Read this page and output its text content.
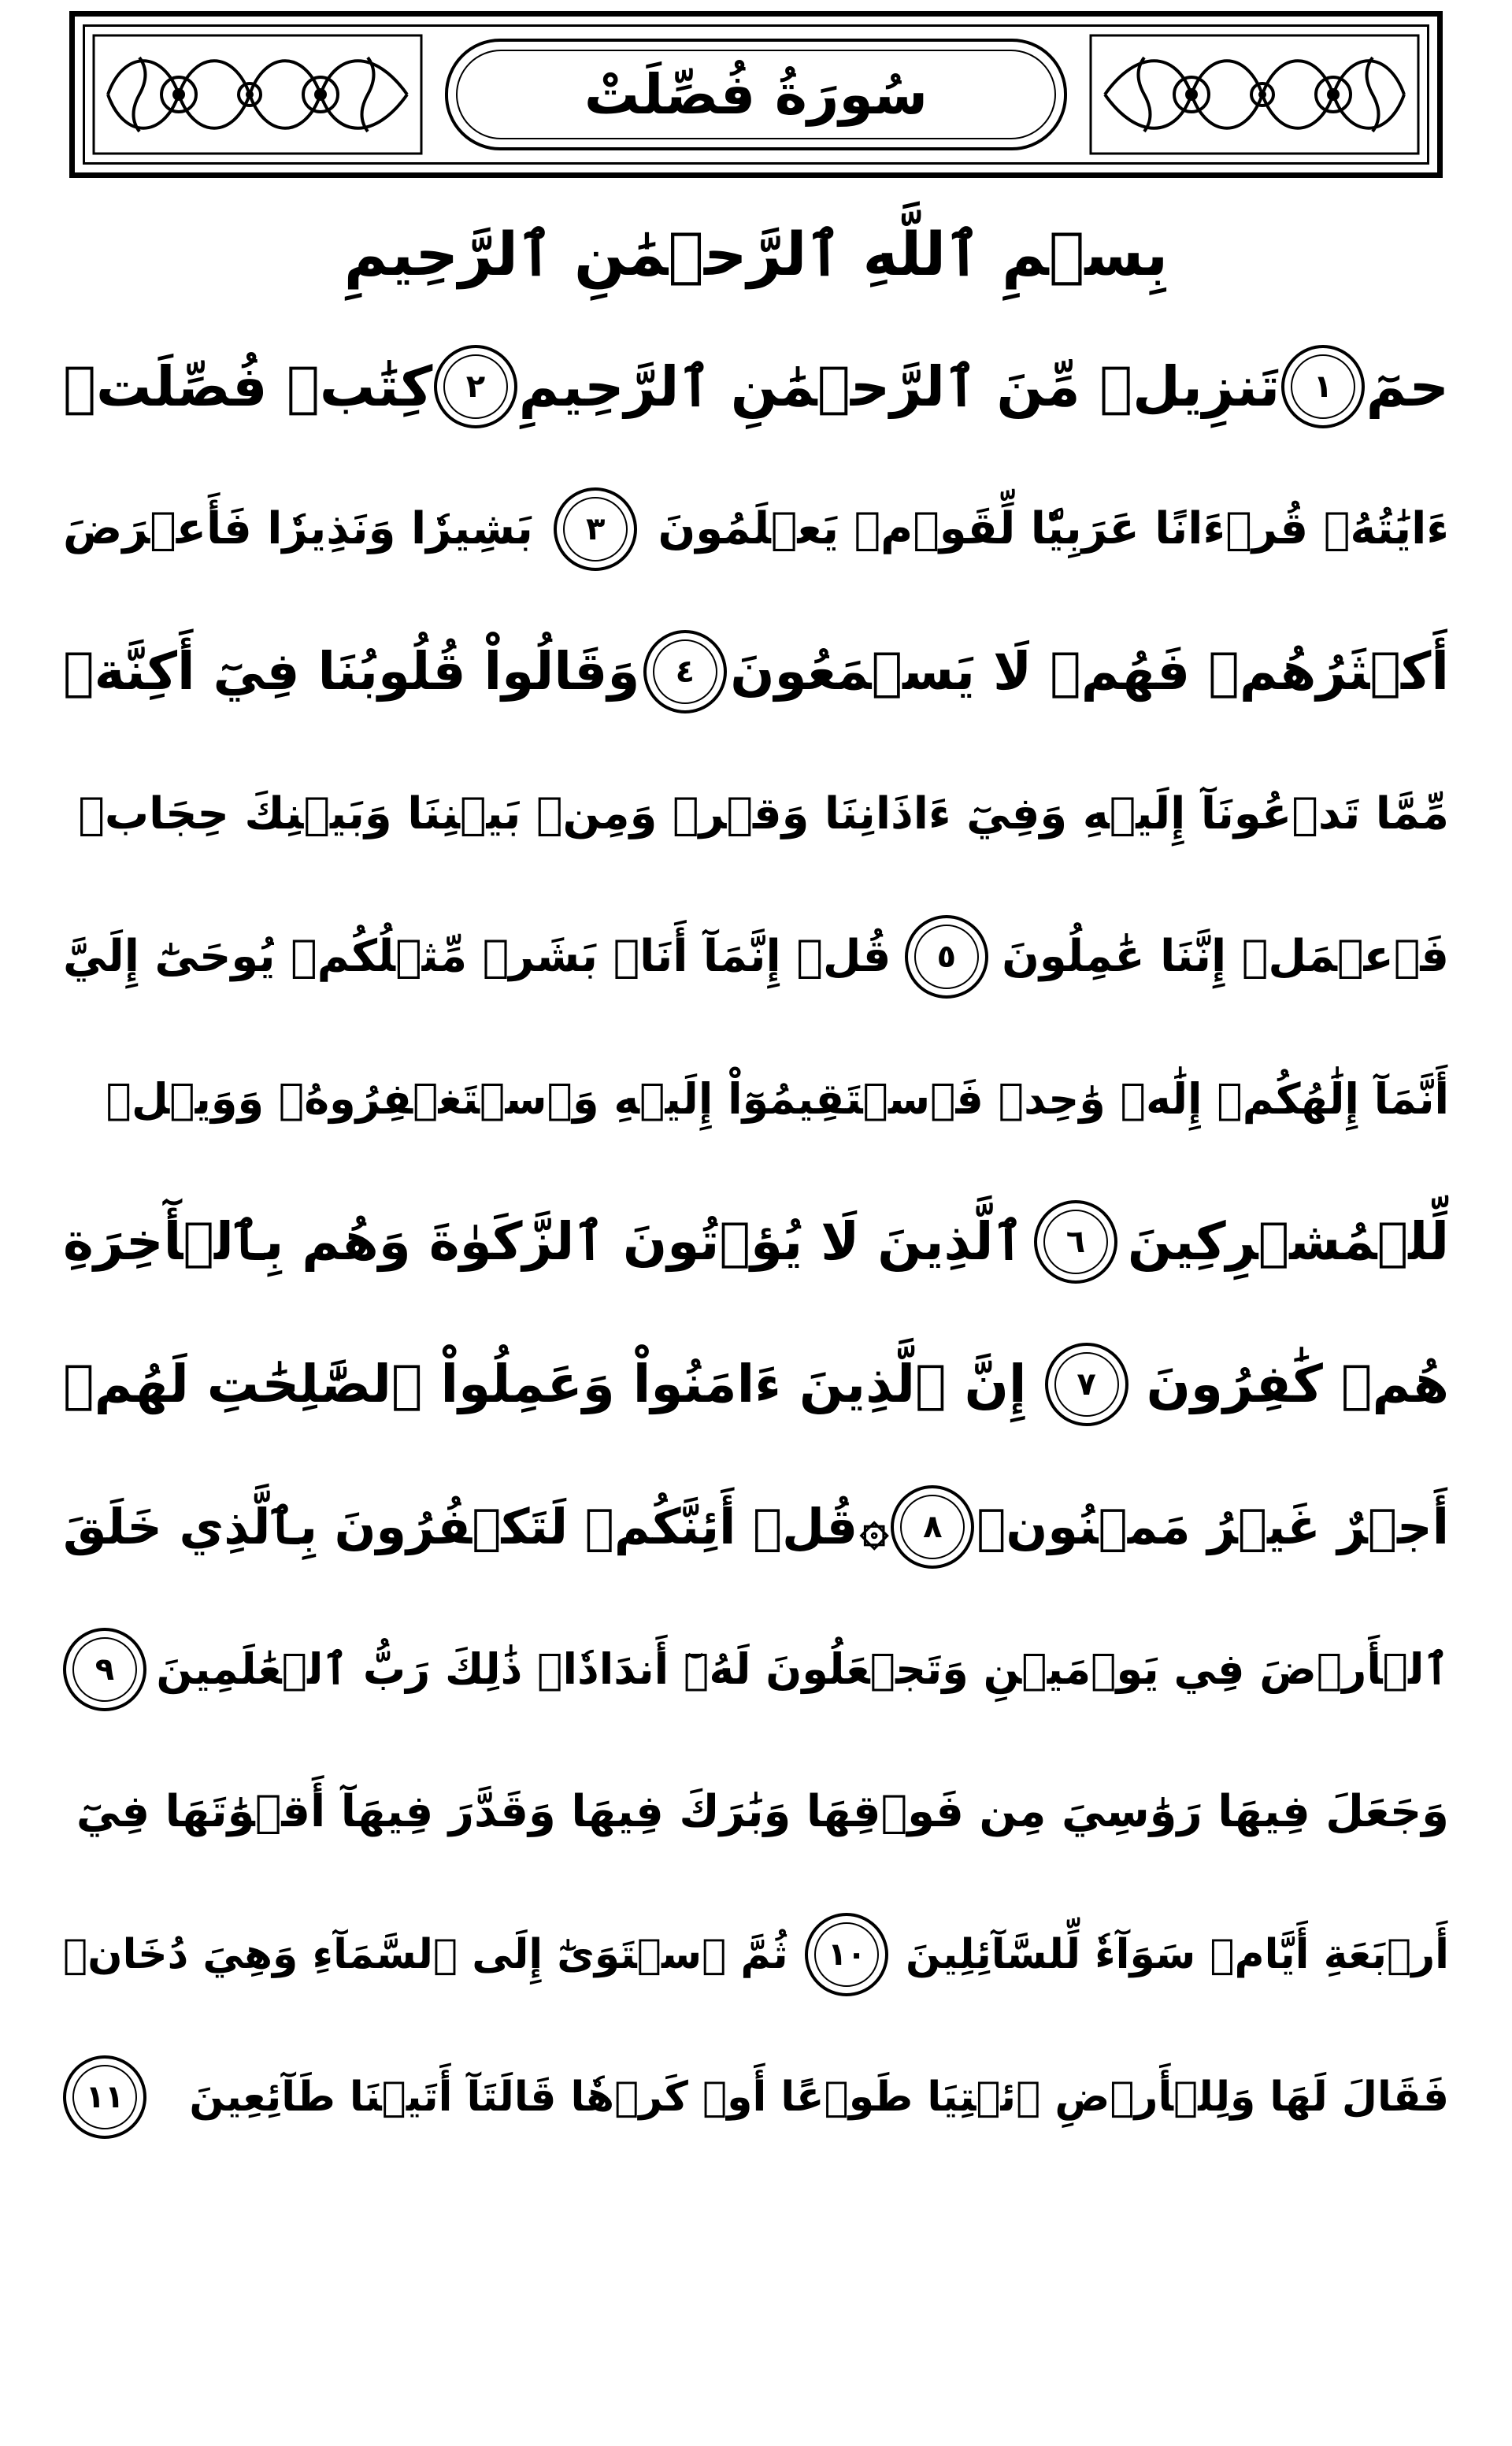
سُورَةُ فُصِّلَتْ
بِسۡمِ ٱللَّهِ ٱلرَّحۡمَٰنِ ٱلرَّحِيمِ
حمٓ
١
تَنزِيلٞ مِّنَ ٱلرَّحۡمَٰنِ ٱلرَّحِيمِ
٢
كِتَٰبٞ فُصِّلَتۡ
ءَايَٰتُهُۥ قُرۡءَانًا عَرَبِيّٗا لِّقَوۡمٖ يَعۡلَمُونَ
٣
بَشِيرٗا وَنَذِيرٗا فَأَعۡرَضَ
أَكۡثَرُهُمۡ فَهُمۡ لَا يَسۡمَعُونَ
٤
وَقَالُواْ قُلُوبُنَا فِيٓ أَكِنَّةٖ
مِّمَّا تَدۡعُونَآ إِلَيۡهِ وَفِيٓ ءَاذَانِنَا وَقۡرٞ وَمِنۢ بَيۡنِنَا وَبَيۡنِكَ حِجَابٞ
فَٱعۡمَلۡ إِنَّنَا عَٰمِلُونَ
٥
قُلۡ إِنَّمَآ أَنَا۠ بَشَرٞ مِّثۡلُكُمۡ يُوحَىٰٓ إِلَيَّ
أَنَّمَآ إِلَٰهُكُمۡ إِلَٰهٞ وَٰحِدٞ فَٱسۡتَقِيمُوٓاْ إِلَيۡهِ وَٱسۡتَغۡفِرُوهُۗ وَوَيۡلٞ
لِّلۡمُشۡرِكِينَ
٦
ٱلَّذِينَ لَا يُؤۡتُونَ ٱلزَّكَوٰةَ وَهُم بِٱلۡأٓخِرَةِ
هُمۡ كَٰفِرُونَ
٧
إِنَّ ٱلَّذِينَ ءَامَنُواْ وَعَمِلُواْ ٱلصَّٰلِحَٰتِ لَهُمۡ
أَجۡرٌ غَيۡرُ مَمۡنُونٖ
٨
۞
قُلۡ أَئِنَّكُمۡ لَتَكۡفُرُونَ بِٱلَّذِي خَلَقَ
ٱلۡأَرۡضَ فِي يَوۡمَيۡنِ وَتَجۡعَلُونَ لَهُۥٓ أَندَادٗاۚ ذَٰلِكَ رَبُّ ٱلۡعَٰلَمِينَ
٩
وَجَعَلَ فِيهَا رَوَٰسِيَ مِن فَوۡقِهَا وَبَٰرَكَ فِيهَا وَقَدَّرَ فِيهَآ أَقۡوَٰتَهَا فِيٓ
أَرۡبَعَةِ أَيَّامٖ سَوَآءٗ لِّلسَّآئِلِينَ
١٠
ثُمَّ ٱسۡتَوَىٰٓ إِلَى ٱلسَّمَآءِ وَهِيَ دُخَانٞ
فَقَالَ لَهَا وَلِلۡأَرۡضِ ٱئۡتِيَا طَوۡعًا أَوۡ كَرۡهٗا قَالَتَآ أَتَيۡنَا طَآئِعِينَ
١١
